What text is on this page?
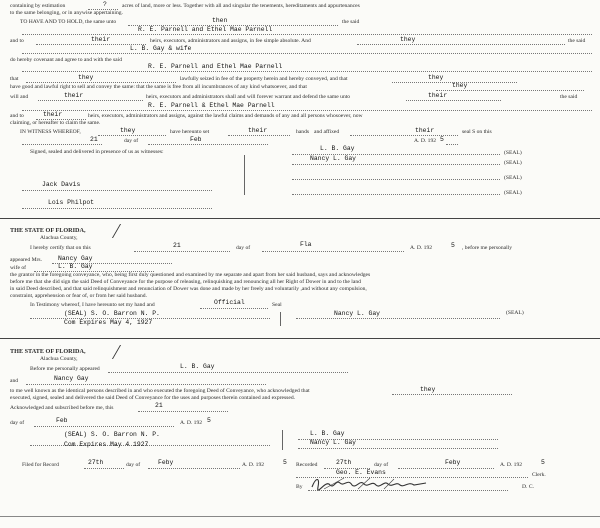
containing by estimation	?	acres of land, more or less. Together with all and singular the tenements, hereditaments and appurtenances
to the same belonging, or in anywise appertaining.
TO HAVE AND TO HOLD, the same unto	then	the said
R. E. Parnell and Ethel Mae Parnell
and to	their	heirs, executors, administrators and assigns, in fee simple absolute. And	they	the said
L. B. Gay & wife
do hereby covenant and agree to and with the said
R. E. Parnell and Ethel Mae Parnell
that	they	lawfully seized in fee of the property herein and hereby conveyed, and that	they
have good and lawful right to sell and convey the same: that the same is free from all incumbrances of any kind whatsoever, and that	they
will and	their	heirs, executors and administrators shall and will forever warrant and defend the same unto	their	the said
R. E. Parnell & Ethel Mae Parnell
and to	their	heirs, executors, administrators and assigns, against the lawful claims and demands of any and all persons whosoever, now
claiming, or hereafter to claim the same.
IN WITNESS WHEREOF,	they	have hereunto set	their	hands and affixed	their	seal S on this
21	day of	Feb	A. D. 192 5
Signed, sealed and delivered in presence of us as witnesses:	L. B. Gay
(SEAL)
Nancy L. Gay
(SEAL)
(SEAL)
(SEAL)
Jack Davis
Lois Philpot
THE STATE OF FLORIDA,
Alachua County,
I hereby certify that on this	21	day of	Fla	A. D. 192	5 , before me personally
appeared Mrs.	Nancy Gay
wife of	L. B. Gay
the grantor in the foregoing conveyance, who, being first duly questioned and examined by me separate and apart from her said husband, says and acknowledges
before me that she did sign the said Deed of Conveyance for the purpose of releasing, relinquishing and renouncing all her Right of Dower in and to the land
in said Deed described, and that said relinquishment and renunciation of Dower was done and made by her freely and voluntarily ,and without any compulsion,
constraint, apprehension or fear of, or from her said husband.
In Testimony whereof, I have hereunto set my hand and	Official	Seal
(SEAL) S. O. Barron N. P.
Com Expires May 4, 1927
Nancy L. Gay	(SEAL)
THE STATE OF FLORIDA,
Alachua County,
Before me personally appeared	L. B. Gay
and	Nancy Gay
to me well known as the identical persons described in and who executed the foregoing Deed of Conveyance, who acknowledged that	they
executed, signed, sealed and delivered the said Deed of Conveyance for the uses and purposes therein contained and expressed.
Acknowledged and subscribed before me, this	21
day of	Feb	A. D. 192 5
(SEAL) S. O. Barron N. P.
Com Expires May 4 1927
L. B. Gay
Nancy L. Gay
Filed for Record	27th	day of	Feby	A. D. 192	5 Recorded	27th	day of	Feby	A. D. 192	5
Geo. E. Evans	Clerk.
By	D. C.
